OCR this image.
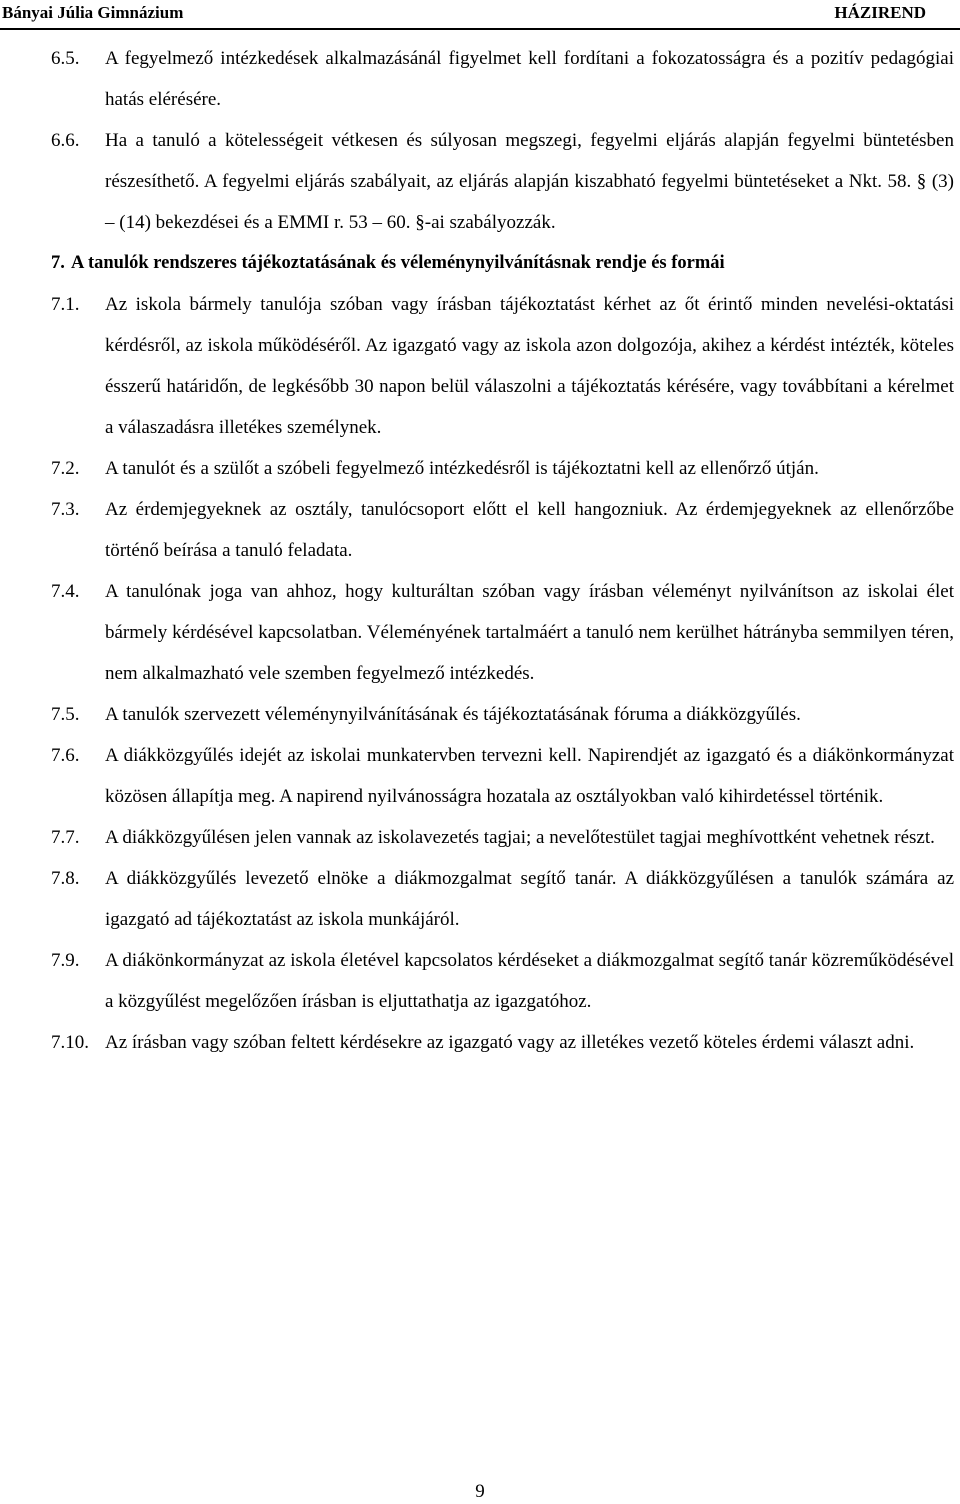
Bányai Júlia Gimnázium	HÁZIREND
6.5.	A fegyelmező intézkedések alkalmazásánál figyelmet kell fordítani a fokozatosságra és a pozitív pedagógiai hatás elérésére.
6.6.	Ha a tanuló a kötelességeit vétkesen és súlyosan megszegi, fegyelmi eljárás alapján fegyelmi büntetésben részesíthető. A fegyelmi eljárás szabályait, az eljárás alapján kiszabható fegyelmi büntetéseket a Nkt. 58. § (3) – (14) bekezdései és a EMMI r. 53 – 60. §-ai szabályozzák.
7. A tanulók rendszeres tájékoztatásának és véleménynyilvánításnak rendje és formái
7.1.	Az iskola bármely tanulója szóban vagy írásban tájékoztatást kérhet az őt érintő minden nevelési-oktatási kérdésről, az iskola működéséről. Az igazgató vagy az iskola azon dolgozója, akihez a kérdést intézték, köteles ésszerű határidőn, de legkésőbb 30 napon belül válaszolni a tájékoztatás kérésére, vagy továbbítani a kérelmet a válaszadásra illetékes személynek.
7.2.	A tanulót és a szülőt a szóbeli fegyelmező intézkedésről is tájékoztatni kell az ellenőrző útján.
7.3.	Az érdemjegyeknek az osztály, tanulócsoport előtt el kell hangozniuk. Az érdemjegyeknek az ellenőrzőbe történő beírása a tanuló feladata.
7.4.	A tanulónak joga van ahhoz, hogy kulturáltan szóban vagy írásban véleményt nyilvánítson az iskolai élet bármely kérdésével kapcsolatban. Véleményének tartalmáért a tanuló nem kerülhet hátrányba semmilyen téren, nem alkalmazható vele szemben fegyelmező intézkedés.
7.5.	A tanulók szervezett véleménynyilvánításának és tájékoztatásának fóruma a diákközgyűlés.
7.6.	A diákközgyűlés idejét az iskolai munkatervben tervezni kell. Napirendjét az igazgató és a diákönkormányzat közösen állapítja meg. A napirend nyilvánosságra hozatala az osztályokban való kihirdetéssel történik.
7.7.	A diákközgyűlésen jelen vannak az iskolavezetés tagjai; a nevelőtestület tagjai meghívottként vehetnek részt.
7.8.	A diákközgyűlés levezető elnöke a diákmozgalmat segítő tanár. A diákközgyűlésen a tanulók számára az igazgató ad tájékoztatást az iskola munkájáról.
7.9.	A diákönkormányzat az iskola életével kapcsolatos kérdéseket a diákmozgalmat segítő tanár közreműködésével a közgyűlést megelőzően írásban is eljuttathatja az igazgatóhoz.
7.10. Az írásban vagy szóban feltett kérdésekre az igazgató vagy az illetékes vezető köteles érdemi választ adni.
9
